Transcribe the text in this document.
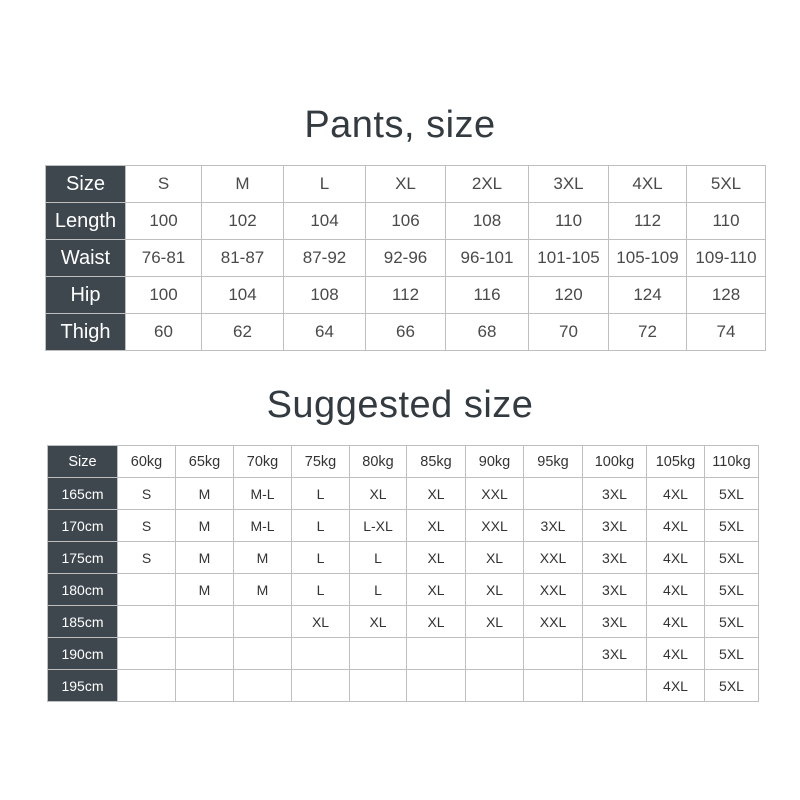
Pants, size
Size	S	M	L	XL	2XL	3XL	4XL	5XL
Length	100	102	104	106	108	110	112	110
Waist	76-81	81-87	87-92	92-96	96-101	101-105	105-109	109-110
Hip	100	104	108	112	116	120	124	128
Thigh	60	62	64	66	68	70	72	74
Suggested size
Size	60kg	65kg	70kg	75kg	80kg	85kg	90kg	95kg	100kg	105kg	110kg
165cm	S	M	M-L	L	XL	XL	XXL		3XL	4XL	5XL
170cm	S	M	M-L	L	L-XL	XL	XXL	3XL	3XL	4XL	5XL
175cm	S	M	M	L	L	XL	XL	XXL	3XL	4XL	5XL
180cm		M	M	L	L	XL	XL	XXL	3XL	4XL	5XL
185cm				XL	XL	XL	XL	XXL	3XL	4XL	5XL
190cm									3XL	4XL	5XL
195cm										4XL	5XL
